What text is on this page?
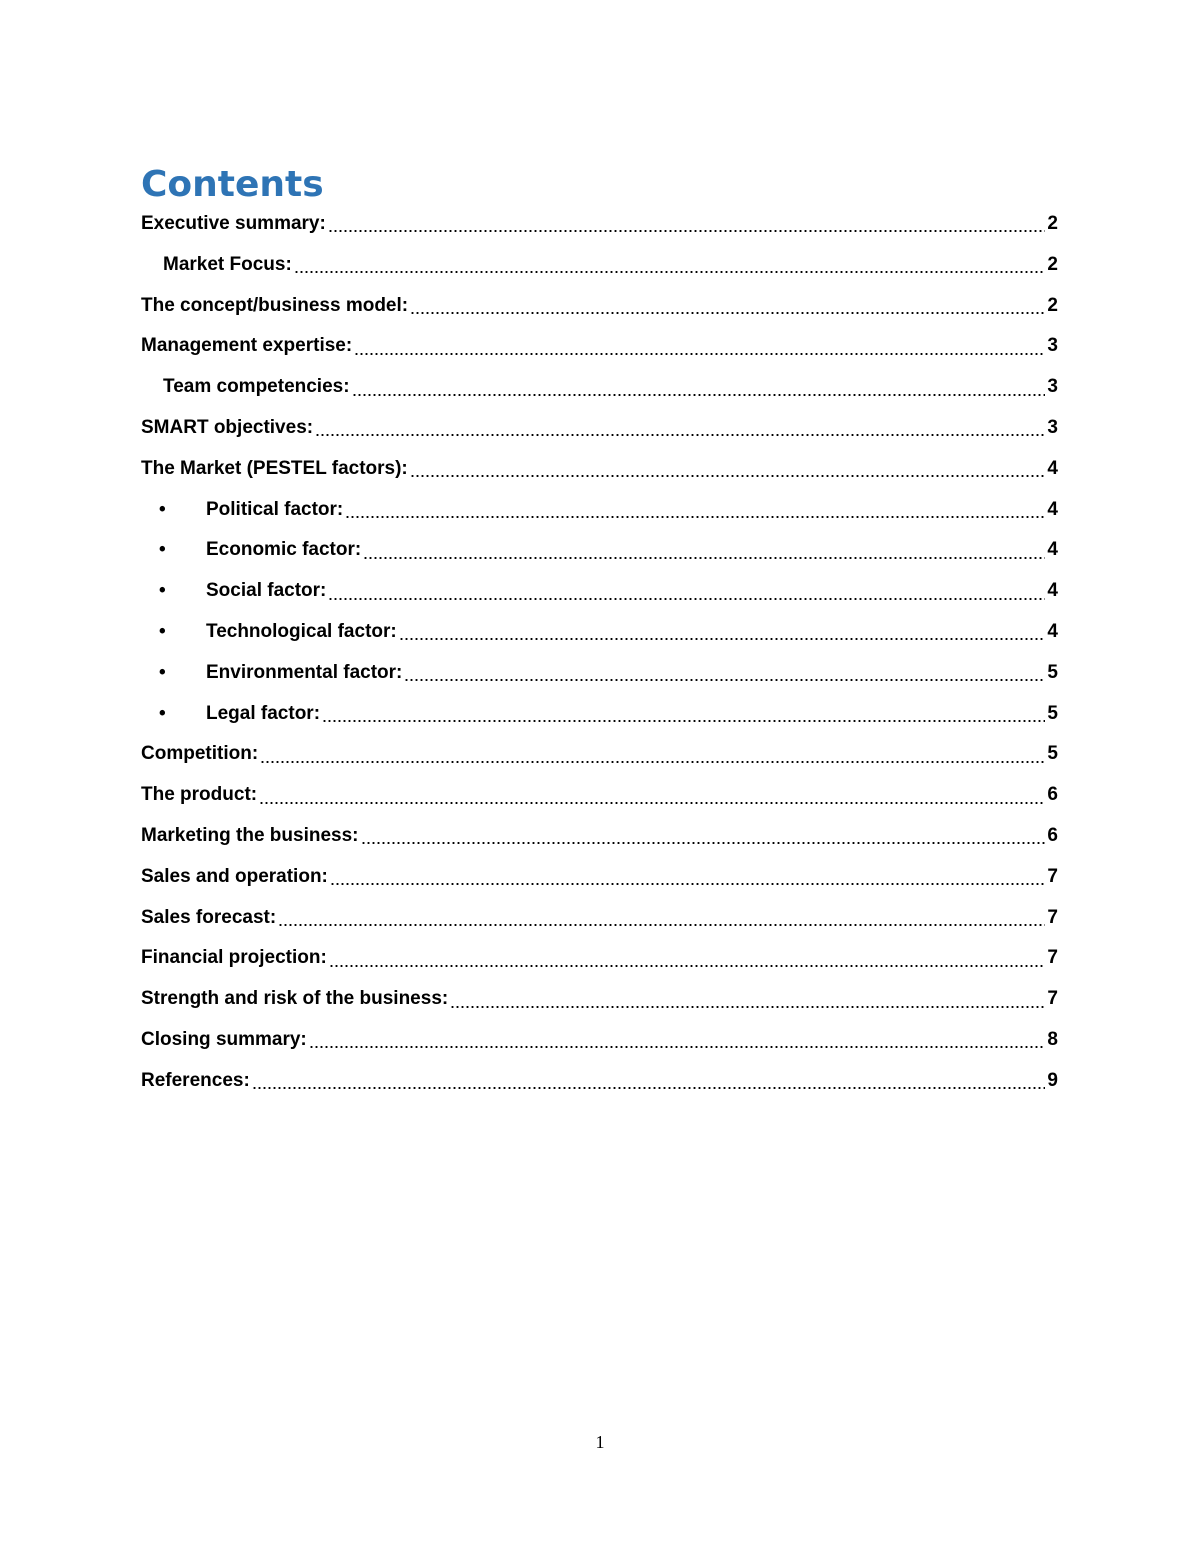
Contents
Executive summary:	2
Market Focus:	2
The concept/business model:	2
Management expertise:	3
Team competencies:	3
SMART objectives:	3
The Market (PESTEL factors):	4
•	Political factor:	4
•	Economic factor:	4
•	Social factor:	4
•	Technological factor:	4
•	Environmental factor:	5
•	Legal factor:	5
Competition:	5
The product:	6
Marketing the business:	6
Sales and operation:	7
Sales forecast:	7
Financial projection:	7
Strength and risk of the business:	7
Closing summary:	8
References:	9
1
